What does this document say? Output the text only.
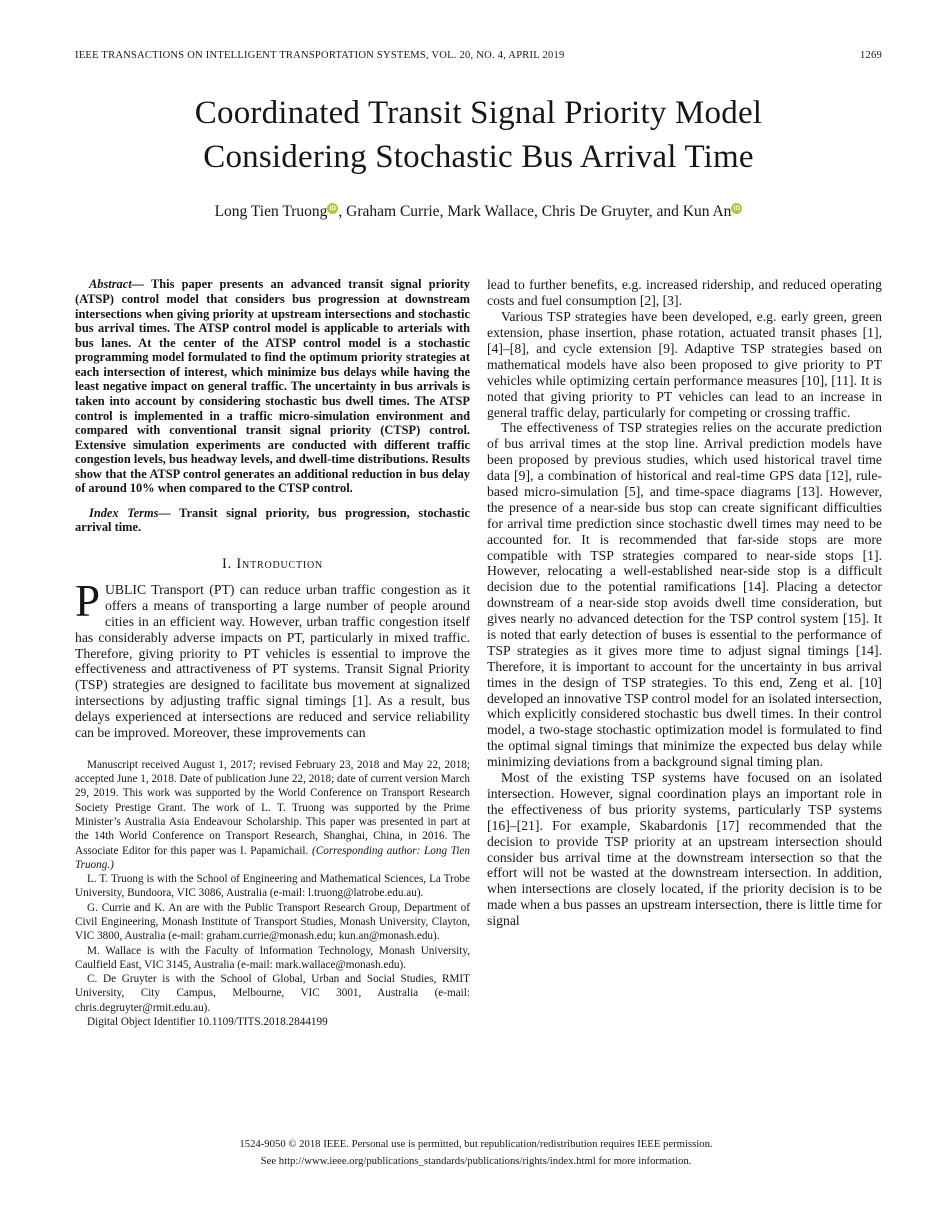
IEEE TRANSACTIONS ON INTELLIGENT TRANSPORTATION SYSTEMS, VOL. 20, NO. 4, APRIL 2019	1269
Coordinated Transit Signal Priority Model
Considering Stochastic Bus Arrival Time
Long Tien Truong iD , Graham Currie, Mark Wallace, Chris De Gruyter, and Kun An iD

Abstract— This paper presents an advanced transit signal priority (ATSP) control model that considers bus progression at downstream intersections when giving priority at upstream intersections and stochastic bus arrival times. The ATSP control model is applicable to arterials with bus lanes. At the center of the ATSP control model is a stochastic programming model formulated to find the optimum priority strategies at each intersection of interest, which minimize bus delays while having the least negative impact on general traffic. The uncertainty in bus arrivals is taken into account by considering stochastic bus dwell times. The ATSP control is implemented in a traffic micro-simulation environment and compared with conventional transit signal priority (CTSP) control. Extensive simulation experiments are conducted with different traffic congestion levels, bus headway levels, and dwell-time distributions. Results show that the ATSP control generates an additional reduction in bus delay of around 10% when compared to the CTSP control.

Index Terms— Transit signal priority, bus progression, stochastic arrival time.

I. Introduction

PUBLIC Transport (PT) can reduce urban traffic congestion as it offers a means of transporting a large number of people around cities in an efficient way. However, urban traffic congestion itself has considerably adverse impacts on PT, particularly in mixed traffic. Therefore, giving priority to PT vehicles is essential to improve the effectiveness and attractiveness of PT systems. Transit Signal Priority (TSP) strategies are designed to facilitate bus movement at signalized intersections by adjusting traffic signal timings [1]. As a result, bus delays experienced at intersections are reduced and service reliability can be improved. Moreover, these improvements can

Manuscript received August 1, 2017; revised February 23, 2018 and May 22, 2018; accepted June 1, 2018. Date of publication June 22, 2018; date of current version March 29, 2019. This work was supported by the World Conference on Transport Research Society Prestige Grant. The work of L. T. Truong was supported by the Prime Minister’s Australia Asia Endeavour Scholarship. This paper was presented in part at the 14th World Conference on Transport Research, Shanghai, China, in 2016. The Associate Editor for this paper was I. Papamichail. (Corresponding author: Long Tien Truong.)

L. T. Truong is with the School of Engineering and Mathematical Sciences, La Trobe University, Bundoora, VIC 3086, Australia (e-mail: l.truong@latrobe.edu.au).

G. Currie and K. An are with the Public Transport Research Group, Department of Civil Engineering, Monash Institute of Transport Studies, Monash University, Clayton, VIC 3800, Australia (e-mail: graham.currie@monash.edu; kun.an@monash.edu).

M. Wallace is with the Faculty of Information Technology, Monash University, Caulfield East, VIC 3145, Australia (e-mail: mark.wallace@monash.edu).

C. De Gruyter is with the School of Global, Urban and Social Studies, RMIT University, City Campus, Melbourne, VIC 3001, Australia (e-mail: chris.degruyter@rmit.edu.au).

Digital Object Identifier 10.1109/TITS.2018.2844199

lead to further benefits, e.g. increased ridership, and reduced operating costs and fuel consumption [2], [3].

Various TSP strategies have been developed, e.g. early green, green extension, phase insertion, phase rotation, actuated transit phases [1], [4]–[8], and cycle extension [9]. Adaptive TSP strategies based on mathematical models have also been proposed to give priority to PT vehicles while optimizing certain performance measures [10], [11]. It is noted that giving priority to PT vehicles can lead to an increase in general traffic delay, particularly for competing or crossing traffic.

The effectiveness of TSP strategies relies on the accurate prediction of bus arrival times at the stop line. Arrival prediction models have been proposed by previous studies, which used historical travel time data [9], a combination of historical and real-time GPS data [12], rule-based micro-simulation [5], and time-space diagrams [13]. However, the presence of a near-side bus stop can create significant difficulties for arrival time prediction since stochastic dwell times may need to be accounted for. It is recommended that far-side stops are more compatible with TSP strategies compared to near-side stops [1]. However, relocating a well-established near-side stop is a difficult decision due to the potential ramifications [14]. Placing a detector downstream of a near-side stop avoids dwell time consideration, but gives nearly no advanced detection for the TSP control system [15]. It is noted that early detection of buses is essential to the performance of TSP strategies as it gives more time to adjust signal timings [14]. Therefore, it is important to account for the uncertainty in bus arrival times in the design of TSP strategies. To this end, Zeng et al. [10] developed an innovative TSP control model for an isolated intersection, which explicitly considered stochastic bus dwell times. In their control model, a two-stage stochastic optimization model is formulated to find the optimal signal timings that minimize the expected bus delay while minimizing deviations from a background signal timing plan.

Most of the existing TSP systems have focused on an isolated intersection. However, signal coordination plays an important role in the effectiveness of bus priority systems, particularly TSP systems [16]–[21]. For example, Skabardonis [17] recommended that the decision to provide TSP priority at an upstream intersection should consider bus arrival time at the downstream intersection so that the effort will not be wasted at the downstream intersection. In addition, when intersections are closely located, if the priority decision is to be made when a bus passes an upstream intersection, there is little time for signal

1524-9050 © 2018 IEEE. Personal use is permitted, but republication/redistribution requires IEEE permission.
See http://www.ieee.org/publications_standards/publications/rights/index.html for more information.
